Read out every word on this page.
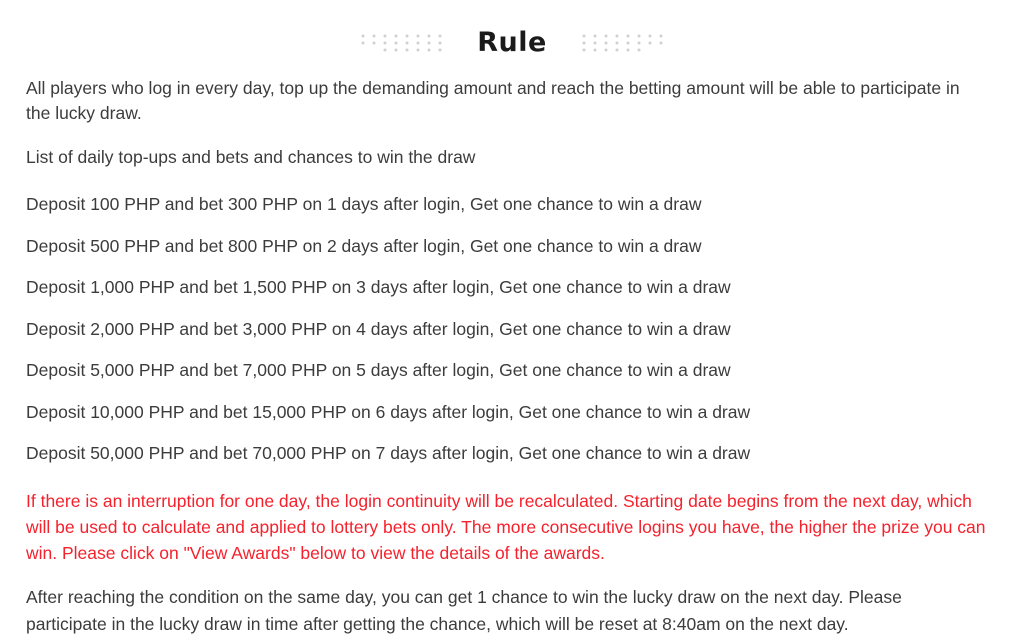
Rule

All players who log in every day, top up the demanding amount and reach the betting amount will be able to participate in the lucky draw.

List of daily top-ups and bets and chances to win the draw

Deposit 100 PHP and bet 300 PHP on 1 days after login, Get one chance to win a draw
Deposit 500 PHP and bet 800 PHP on 2 days after login, Get one chance to win a draw
Deposit 1,000 PHP and bet 1,500 PHP on 3 days after login, Get one chance to win a draw
Deposit 2,000 PHP and bet 3,000 PHP on 4 days after login, Get one chance to win a draw
Deposit 5,000 PHP and bet 7,000 PHP on 5 days after login, Get one chance to win a draw
Deposit 10,000 PHP and bet 15,000 PHP on 6 days after login, Get one chance to win a draw
Deposit 50,000 PHP and bet 70,000 PHP on 7 days after login, Get one chance to win a draw

If there is an interruption for one day, the login continuity will be recalculated. Starting date begins from the next day, which will be used to calculate and applied to lottery bets only. The more consecutive logins you have, the higher the prize you can win. Please click on "View Awards" below to view the details of the awards.

After reaching the condition on the same day, you can get 1 chance to win the lucky draw on the next day. Please participate in the lucky draw in time after getting the chance, which will be reset at 8:40am on the next day.
